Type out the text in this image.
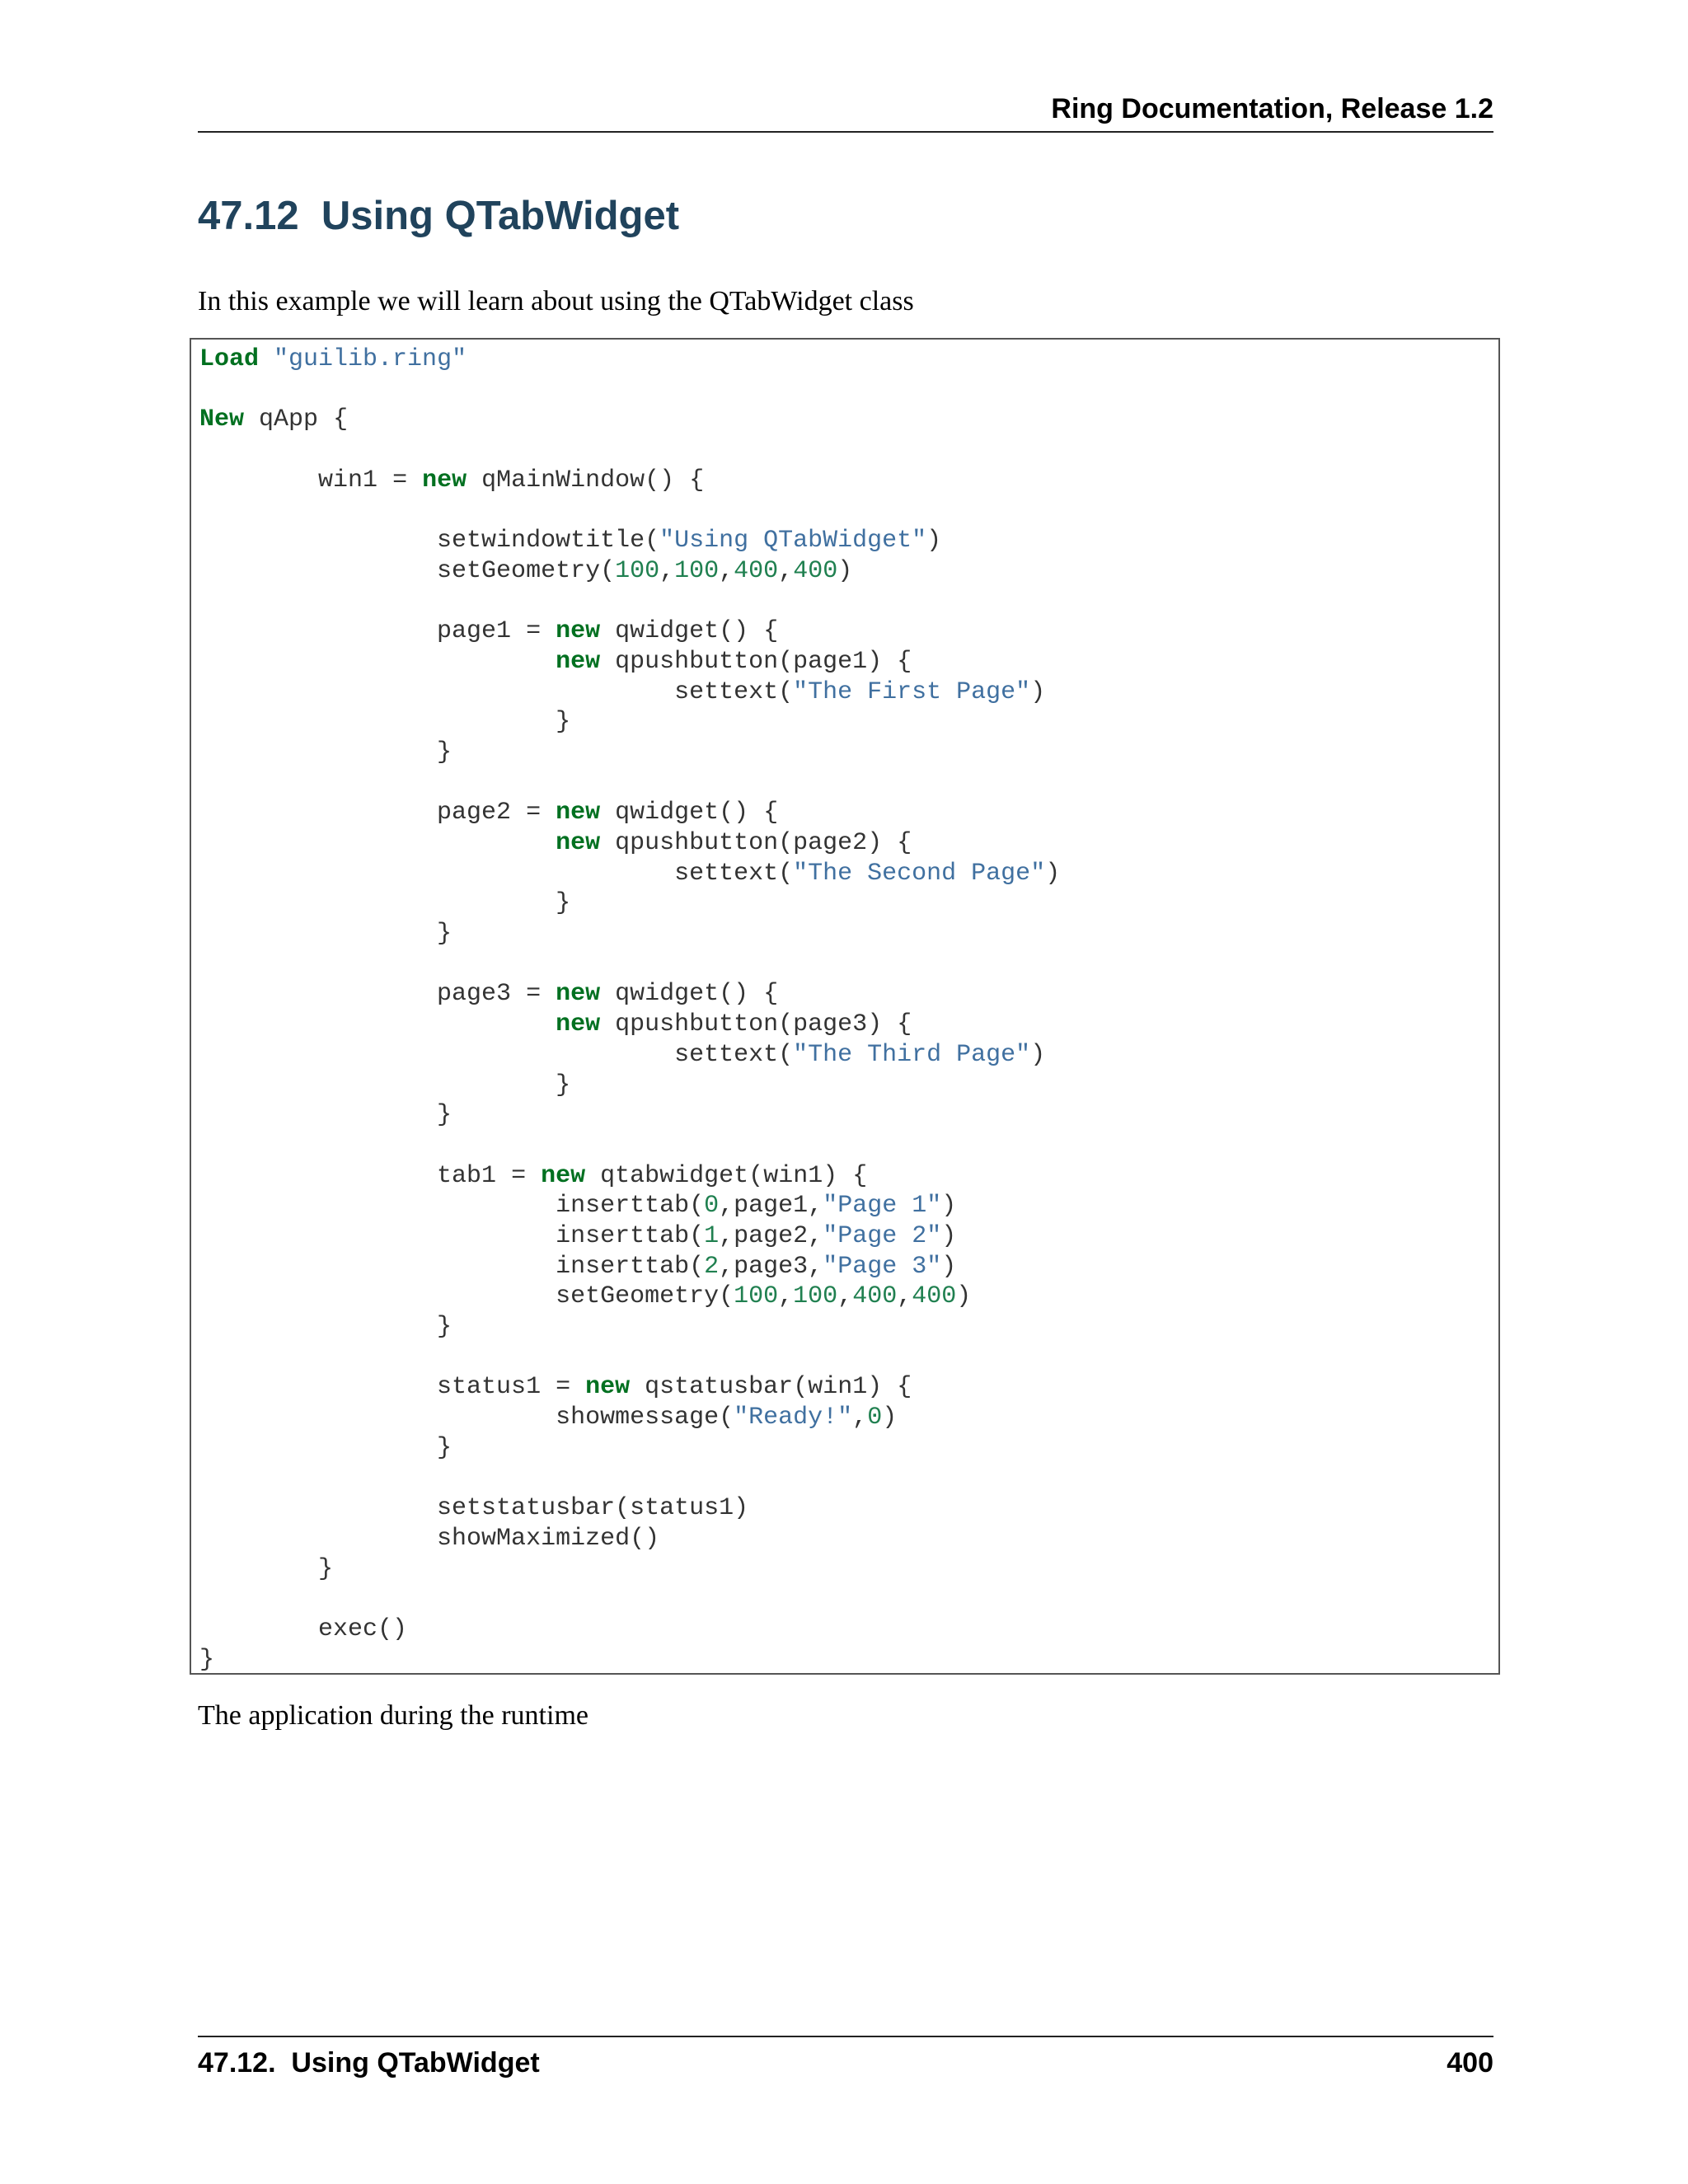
Ring Documentation, Release 1.2
47.12  Using QTabWidget

In this example we will learn about using the QTabWidget class

Load "guilib.ring"
New qApp {
win1 = new qMainWindow() {
setwindowtitle("Using QTabWidget")
setGeometry(100,100,400,400)
page1 = new qwidget() {
new qpushbutton(page1) {
settext("The First Page")
}
}
page2 = new qwidget() {
new qpushbutton(page2) {
settext("The Second Page")
}
}
page3 = new qwidget() {
new qpushbutton(page3) {
settext("The Third Page")
}
}
tab1 = new qtabwidget(win1) {
inserttab(0,page1,"Page 1")
inserttab(1,page2,"Page 2")
inserttab(2,page3,"Page 3")
setGeometry(100,100,400,400)
}
status1 = new qstatusbar(win1) {
showmessage("Ready!",0)
}
setstatusbar(status1)
showMaximized()
}
exec()
}

The application during the runtime

47.12.  Using QTabWidget	400
